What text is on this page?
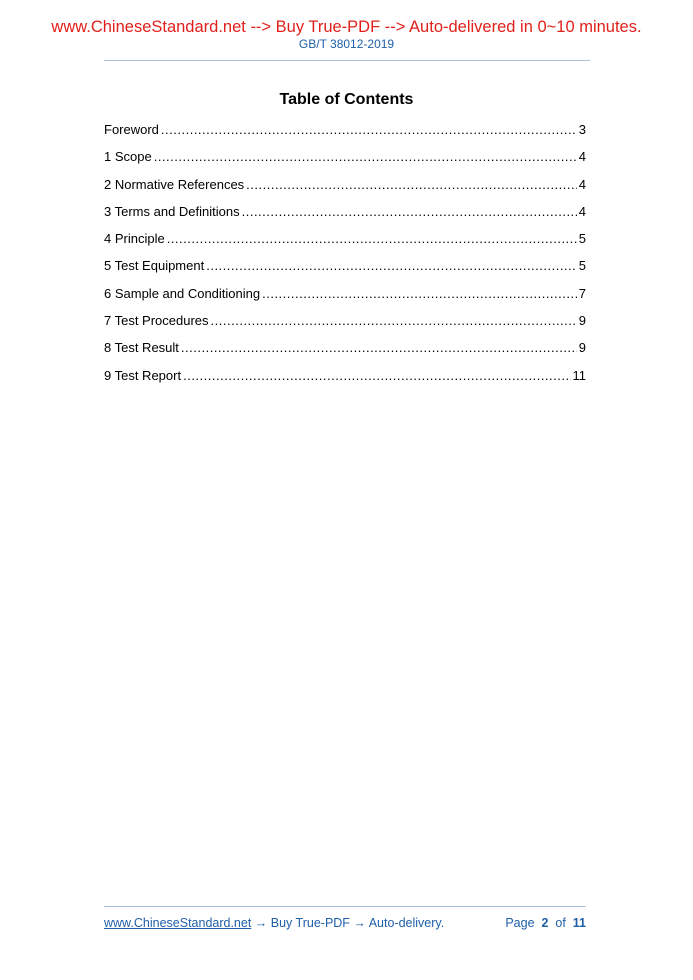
www.ChineseStandard.net --> Buy True-PDF --> Auto-delivered in 0~10 minutes.
GB/T 38012-2019
Table of Contents
Foreword .....	3
1 Scope .....	4
2 Normative References .....	4
3 Terms and Definitions .....	4
4 Principle .....	5
5 Test Equipment .....	5
6 Sample and Conditioning .....	7
7 Test Procedures .....	9
8 Test Result .....	9
9 Test Report .....	11
www.ChineseStandard.net → Buy True-PDF → Auto-delivery.	Page 2 of 11
